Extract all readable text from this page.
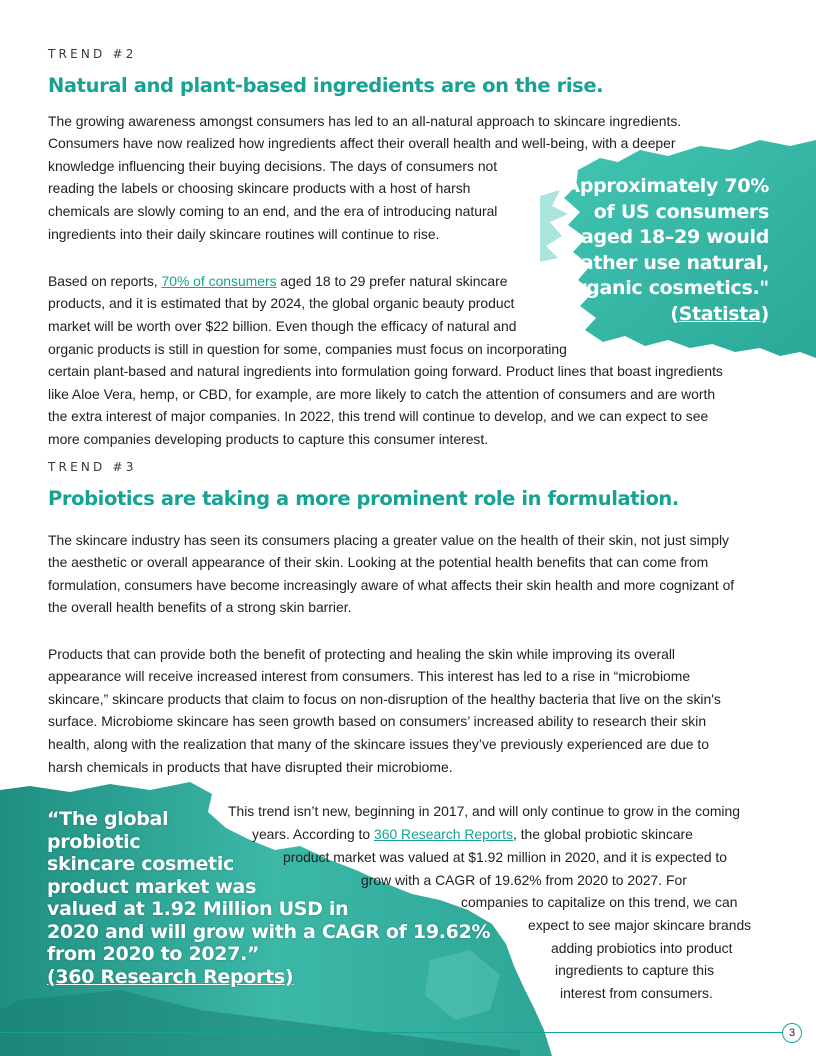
3
TREND #2
Natural and plant-based ingredients are on the rise.
The growing awareness amongst consumers has led to an all-natural approach to skincare ingredients.
Consumers have now realized how ingredients affect their overall health and well-being, with a deeper
knowledge influencing their buying decisions. The days of consumers not
reading the labels or choosing skincare products with a host of harsh
chemicals are slowly coming to an end, and the era of introducing natural
ingredients into their daily skincare routines will continue to rise.
Based on reports, 70% of consumers aged 18 to 29 prefer natural skincare
products, and it is estimated that by 2024, the global organic beauty product
market will be worth over $22 billion. Even though the efficacy of natural and
organic products is still in question for some, companies must focus on incorporating
certain plant-based and natural ingredients into formulation going forward. Product lines that boast ingredients
like Aloe Vera, hemp, or CBD, for example, are more likely to catch the attention of consumers and are worth
the extra interest of major companies. In 2022, this trend will continue to develop, and we can expect to see
more companies developing products to capture this consumer interest.
Approximately 70%
of US consumers
aged 18–29 would
rather use natural,
organic cosmetics."
(Statista)
TREND #3
Probiotics are taking a more prominent role in formulation.
The skincare industry has seen its consumers placing a greater value on the health of their skin, not just simply
the aesthetic or overall appearance of their skin. Looking at the potential health benefits that can come from
formulation, consumers have become increasingly aware of what affects their skin health and more cognizant of
the overall health benefits of a strong skin barrier.
Products that can provide both the benefit of protecting and healing the skin while improving its overall
appearance will receive increased interest from consumers. This interest has led to a rise in “microbiome
skincare,” skincare products that claim to focus on non-disruption of the healthy bacteria that live on the skin's
surface. Microbiome skincare has seen growth based on consumers’ increased ability to research their skin
health, along with the realization that many of the skincare issues they’ve previously experienced are due to
harsh chemicals in products that have disrupted their microbiome.
This trend isn’t new, beginning in 2017, and will only continue to grow in the coming
years. According to 360 Research Reports, the global probiotic skincare
product market was valued at $1.92 million in 2020, and it is expected to
grow with a CAGR of 19.62% from 2020 to 2027. For
companies to capitalize on this trend, we can
expect to see major skincare brands
adding probiotics into product
ingredients to capture this
interest from consumers.
“The global
probiotic
skincare cosmetic
product market was
valued at 1.92 Million USD in
2020 and will grow with a CAGR of 19.62%
from 2020 to 2027.”
(360 Research Reports)
